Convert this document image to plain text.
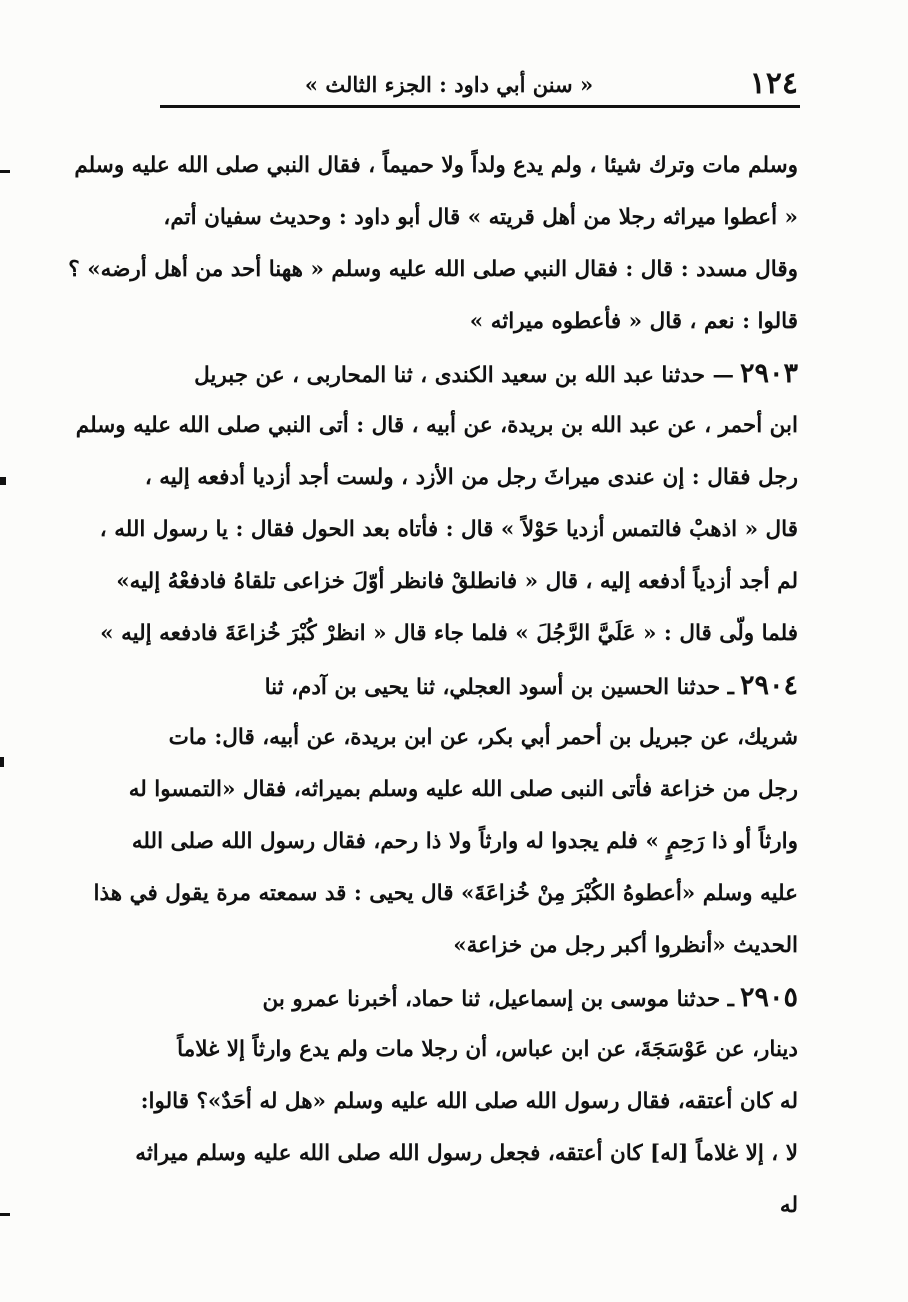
١٢٤
« سنن أبي داود : الجزء الثالث »
وسلم مات وترك شيئا ، ولم يدع ولداً ولا حميماً ، فقال النبي صلى الله عليه وسلم
« أعطوا ميراثه رجلا من أهل قريته » قال أبو داود : وحديث سفيان أتم،
وقال مسدد : قال : فقال النبي صلى الله عليه وسلم « ههنا أحد من أهل أرضه» ؟
قالوا : نعم ، قال « فأعطوه ميراثه »
٢٩٠٣— حدثنا عبد الله بن سعيد الكندى ، ثنا المحاربى ، عن جبريل
ابن أحمر ، عن عبد الله بن بريدة، عن أبيه ، قال : أتى النبي صلى الله عليه وسلم
رجل فقال : إن عندى ميراثَ رجل من الأزد ، ولست أجد أزديا أدفعه إليه ،
قال « اذهبْ فالتمس أزديا حَوْلاً » قال : فأتاه بعد الحول فقال : يا رسول الله ،
لم أجد أزدياً أدفعه إليه ، قال « فانطلقْ فانظر أوّلَ خزاعى تلقاهُ فادفعْهُ إليه»
فلما ولّى قال : « عَلَيَّ الرَّجُلَ » فلما جاء قال « انظرْ كُبْرَ خُزاعَةَ فادفعه إليه »
٢٩٠٤ـ حدثنا الحسين بن أسود العجلي، ثنا يحيى بن آدم، ثنا
شريك، عن جبريل بن أحمر أبي بكر، عن ابن بريدة، عن أبيه، قال: مات
رجل من خزاعة فأتى النبى صلى الله عليه وسلم بميراثه، فقال «التمسوا له
وارثاً أو ذا رَحِمٍ » فلم يجدوا له وارثاً ولا ذا رحم، فقال رسول الله صلى الله
عليه وسلم «أعطوهُ الكُبْرَ مِنْ خُزاعَةَ» قال يحيى : قد سمعته مرة يقول في هذا
الحديث «أنظروا أكبر رجل من خزاعة»
٢٩٠٥ـ حدثنا موسى بن إسماعيل، ثنا حماد، أخبرنا عمرو بن
دينار، عن عَوْسَجَةَ، عن ابن عباس، أن رجلا مات ولم يدع وارثاً إلا غلاماً
له كان أعتقه، فقال رسول الله صلى الله عليه وسلم «هل له أحَدٌ»؟ قالوا:
لا ، إلا غلاماً [له] كان أعتقه، فجعل رسول الله صلى الله عليه وسلم ميراثه
له
